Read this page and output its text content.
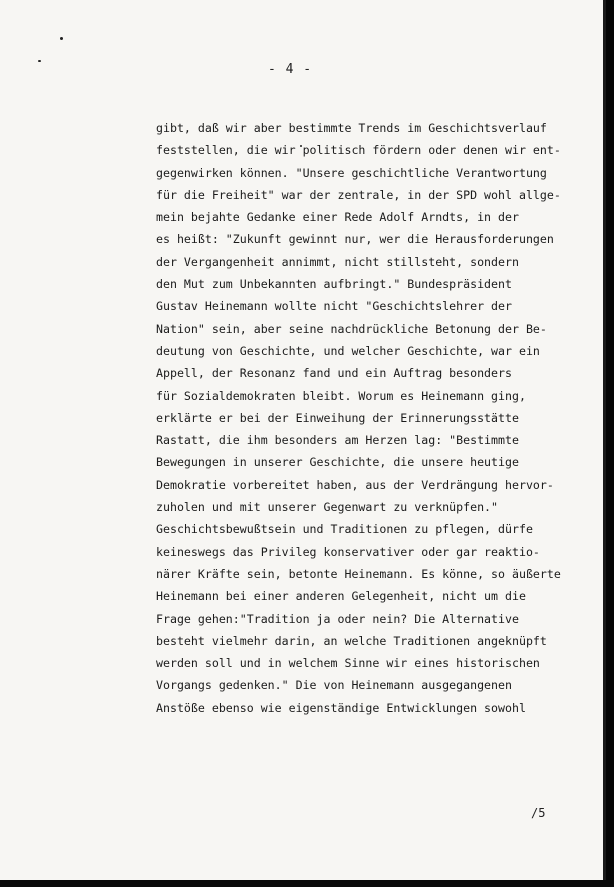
- 4 -
gibt, daß wir aber bestimmte Trends im Geschichtsverlauf
feststellen, die wir politisch fördern oder denen wir ent-
gegenwirken können. "Unsere geschichtliche Verantwortung
für die Freiheit" war der zentrale, in der SPD wohl allge-
mein bejahte Gedanke einer Rede Adolf Arndts, in der
es heißt: "Zukunft gewinnt nur, wer die Herausforderungen
der Vergangenheit annimmt, nicht stillsteht, sondern
den Mut zum Unbekannten aufbringt." Bundespräsident
Gustav Heinemann wollte nicht "Geschichtslehrer der
Nation" sein, aber seine nachdrückliche Betonung der Be-
deutung von Geschichte, und welcher Geschichte, war ein
Appell, der Resonanz fand und ein Auftrag besonders
für Sozialdemokraten bleibt. Worum es Heinemann ging,
erklärte er bei der Einweihung der Erinnerungsstätte
Rastatt, die ihm besonders am Herzen lag: "Bestimmte
Bewegungen in unserer Geschichte, die unsere heutige
Demokratie vorbereitet haben, aus der Verdrängung hervor-
zuholen und mit unserer Gegenwart zu verknüpfen."
Geschichtsbewußtsein und Traditionen zu pflegen, dürfe
keineswegs das Privileg konservativer oder gar reaktio-
närer Kräfte sein, betonte Heinemann. Es könne, so äußerte
Heinemann bei einer anderen Gelegenheit, nicht um die
Frage gehen:"Tradition ja oder nein? Die Alternative
besteht vielmehr darin, an welche Traditionen angeknüpft
werden soll und in welchem Sinne wir eines historischen
Vorgangs gedenken." Die von Heinemann ausgegangenen
Anstöße ebenso wie eigenständige Entwicklungen sowohl
/5
